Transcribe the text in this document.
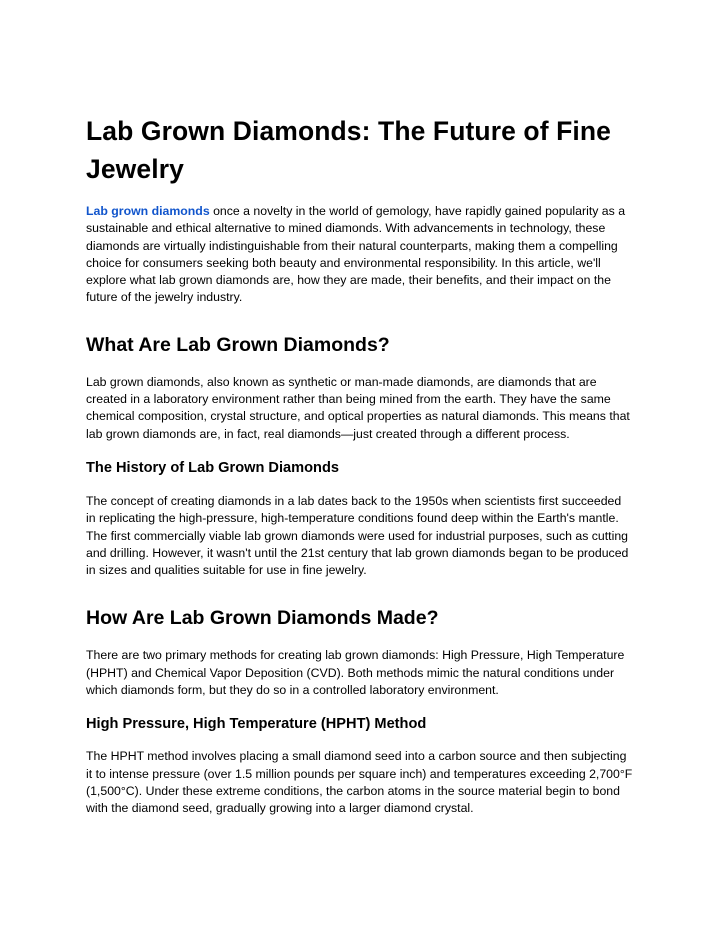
Lab Grown Diamonds: The Future of Fine Jewelry

Lab grown diamonds once a novelty in the world of gemology, have rapidly gained popularity as a sustainable and ethical alternative to mined diamonds. With advancements in technology, these diamonds are virtually indistinguishable from their natural counterparts, making them a compelling choice for consumers seeking both beauty and environmental responsibility. In this article, we'll explore what lab grown diamonds are, how they are made, their benefits, and their impact on the future of the jewelry industry.

What Are Lab Grown Diamonds?

Lab grown diamonds, also known as synthetic or man-made diamonds, are diamonds that are created in a laboratory environment rather than being mined from the earth. They have the same chemical composition, crystal structure, and optical properties as natural diamonds. This means that lab grown diamonds are, in fact, real diamonds—just created through a different process.

The History of Lab Grown Diamonds

The concept of creating diamonds in a lab dates back to the 1950s when scientists first succeeded in replicating the high-pressure, high-temperature conditions found deep within the Earth's mantle. The first commercially viable lab grown diamonds were used for industrial purposes, such as cutting and drilling. However, it wasn't until the 21st century that lab grown diamonds began to be produced in sizes and qualities suitable for use in fine jewelry.

How Are Lab Grown Diamonds Made?

There are two primary methods for creating lab grown diamonds: High Pressure, High Temperature (HPHT) and Chemical Vapor Deposition (CVD). Both methods mimic the natural conditions under which diamonds form, but they do so in a controlled laboratory environment.

High Pressure, High Temperature (HPHT) Method

The HPHT method involves placing a small diamond seed into a carbon source and then subjecting it to intense pressure (over 1.5 million pounds per square inch) and temperatures exceeding 2,700°F (1,500°C). Under these extreme conditions, the carbon atoms in the source material begin to bond with the diamond seed, gradually growing into a larger diamond crystal.
